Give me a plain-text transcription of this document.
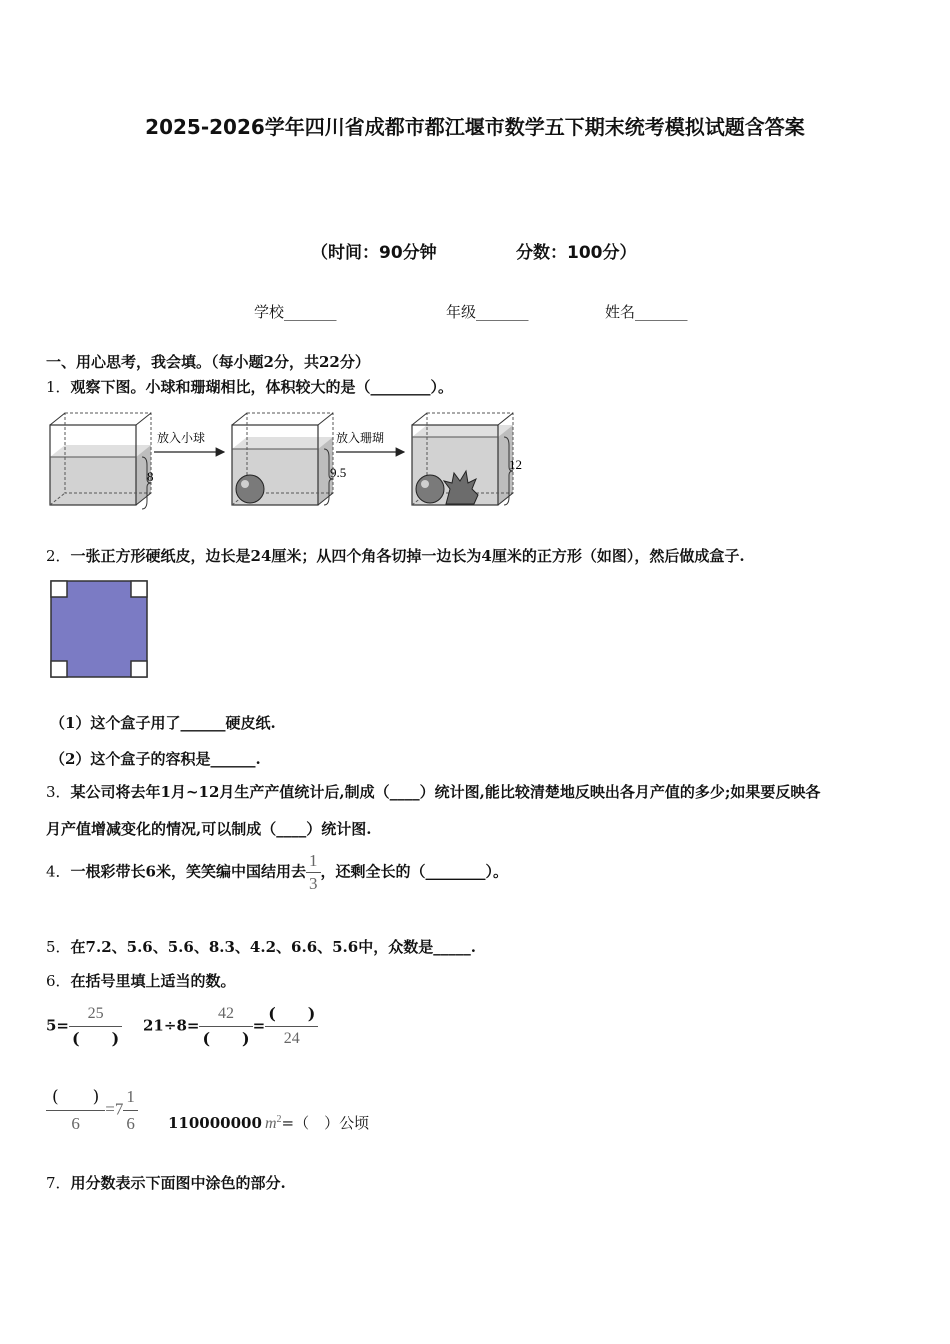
2025-2026学年四川省成都市都江堰市数学五下期末统考模拟试题含答案
（时间：90分钟	分数：100分）
学校_______	年级_______	姓名_______
一、用心思考，我会填。（每小题2分，共22分）
1．观察下图。小球和珊瑚相比，体积较大的是（________）。
8
放入小球
9.5
放入珊瑚
12
2．一张正方形硬纸皮，边长是24厘米；从四个角各切掉一边长为4厘米的正方形（如图），然后做成盒子.
（1）这个盒子用了______硬皮纸.
（2）这个盒子的容积是______.
3．某公司将去年1月~12月生产产值统计后,制成（____）统计图,能比较清楚地反映出各月产值的多少;如果要反映各
月产值增减变化的情况,可以制成（____）统计图.
4．一根彩带长6米，笑笑编中国结用去 $\frac{1}{3}$ ，还剩全长的（________）。
5．在7.2、5.6、5.6、8.3、4.2、6.6、5.6中，众数是_____.
6．在括号里填上适当的数。
$5= \frac{25}{( )} 21\div 8= \frac{42}{( )} = \frac{( )}{24}$
$\frac{( )}{6} =7 \frac{1}{6} 110000000$ $m^2=$（　）公顷
7．用分数表示下面图中涂色的部分.
